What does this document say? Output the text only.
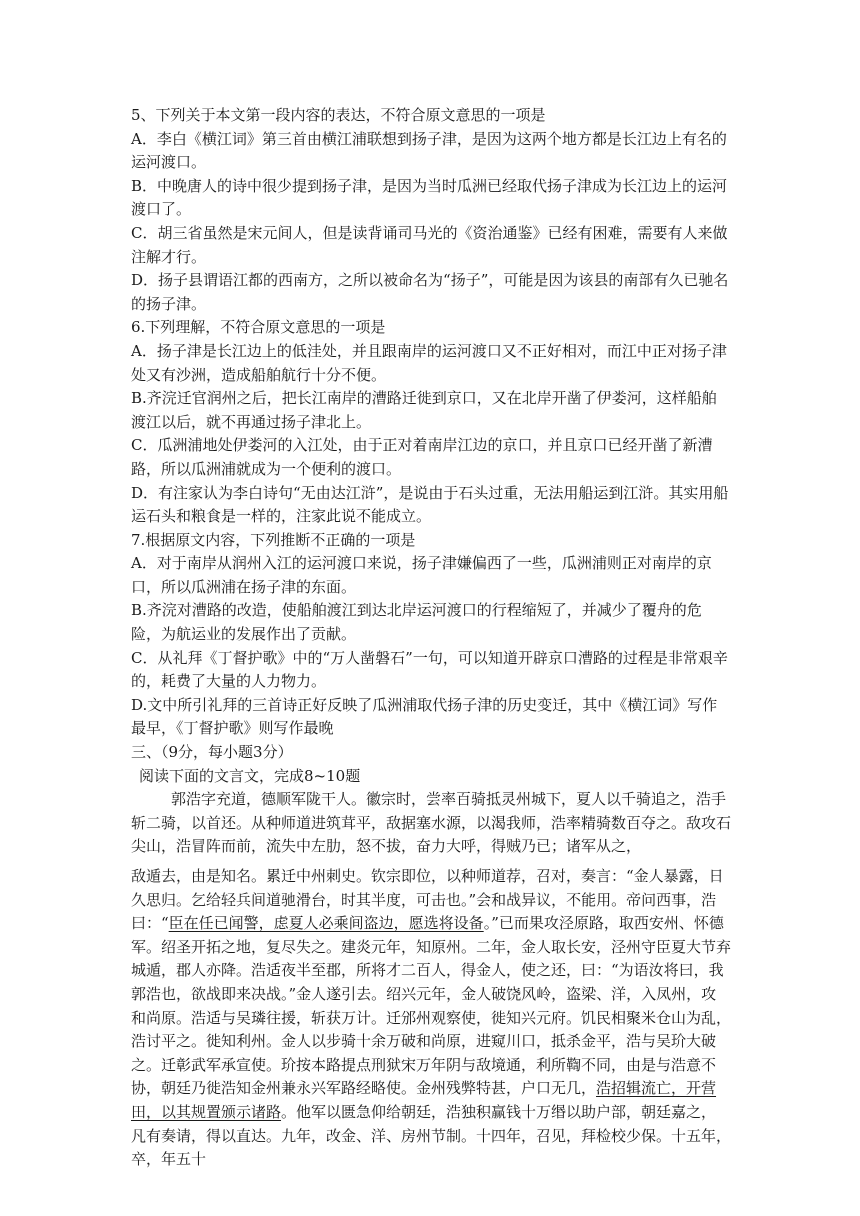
5、下列关于本文第一段内容的表达，不符合原文意思的一项是

A．李白《横江词》第三首由横江浦联想到扬子津，是因为这两个地方都是长江边上有名的运河渡口。

B．中晚唐人的诗中很少提到扬子津，是因为当时瓜洲已经取代扬子津成为长江边上的运河渡口了。

C．胡三省虽然是宋元间人，但是读背诵司马光的《资治通鉴》已经有困难，需要有人来做注解才行。

D．扬子县谓语江都的西南方，之所以被命名为“扬子”，可能是因为该县的南部有久已驰名的扬子津。

6.下列理解，不符合原文意思的一项是

A．扬子津是长江边上的低洼处，并且跟南岸的运河渡口又不正好相对，而江中正对扬子津处又有沙洲，造成船舶航行十分不便。

B.齐浣迁官润州之后，把长江南岸的漕路迁徙到京口，又在北岸开凿了伊娄河，这样船舶渡江以后，就不再通过扬子津北上。

C．瓜洲浦地处伊娄河的入江处，由于正对着南岸江边的京口，并且京口已经开凿了新漕路，所以瓜洲浦就成为一个便利的渡口。

D．有注家认为李白诗句“无由达江浒”，是说由于石头过重，无法用船运到江浒。其实用船运石头和粮食是一样的，注家此说不能成立。

7.根据原文内容，下列推断不正确的一项是

A．对于南岸从润州入江的运河渡口来说，扬子津嫌偏西了一些，瓜洲浦则正对南岸的京口，所以瓜洲浦在扬子津的东面。

B.齐浣对漕路的改造，使船舶渡江到达北岸运河渡口的行程缩短了，并减少了覆舟的危险，为航运业的发展作出了贡献。

C．从礼拜《丁督护歌》中的“万人凿磐石”一句，可以知道开辟京口漕路的过程是非常艰辛的，耗费了大量的人力物力。

D.文中所引礼拜的三首诗正好反映了瓜洲浦取代扬子津的历史变迁，其中《横江词》写作最早，《丁督护歌》则写作最晚

三、（9分，每小题3分）

阅读下面的文言文，完成8~10题

郭浩字充道，德顺军陇干人。徽宗时，尝率百骑抵灵州城下，夏人以千骑追之，浩手斩二骑，以首还。从种师道进筑茸平，敌据塞水源，以渴我师，浩率精骑数百夺之。敌攻石尖山，浩冒阵而前，流失中左肋，怒不拔，奋力大呼，得贼乃已；诸军从之，

敌遁去，由是知名。累迁中州刺史。钦宗即位，以种师道荐，召对，奏言：“金人暴露，日久思归。乞给轻兵间道驰滑台，时其半度，可击也。”会和战异议，不能用。帝问西事，浩曰：“臣在任已闻警，虑夏人必乘间盗边，愿选将设备。”已而果攻泾原路，取西安州、怀德军。绍圣开拓之地，复尽失之。建炎元年，知原州。二年，金人取长安，泾州守臣夏大节弃城遁，郡人亦降。浩适夜半至郡，所将才二百人，得金人，使之还，曰：“为语汝将曰，我郭浩也，欲战即来决战。”金人遂引去。绍兴元年，金人破饶风岭，盗梁、洋，入凤州，攻和尚原。浩适与吴璘往援，斩获万计。迁邠州观察使，徙知兴元府。饥民相聚米仓山为乱，浩讨平之。徙知利州。金人以步骑十余万破和尚原，进窥川口，抵杀金平，浩与吴玠大破之。迁彰武军承宣使。玠按本路提点刑狱宋万年阴与敌境通，利所鞫不同，由是与浩意不协，朝廷乃徙浩知金州兼永兴军路经略使。金州残弊特甚，户口无几，浩招辑流亡，开营田，以其规置颁示诸路。他军以匮急仰给朝廷，浩独积赢钱十万缗以助户部，朝廷嘉之，凡有奏请，得以直达。九年，改金、洋、房州节制。十四年，召见，拜检校少保。十五年，卒，年五十
